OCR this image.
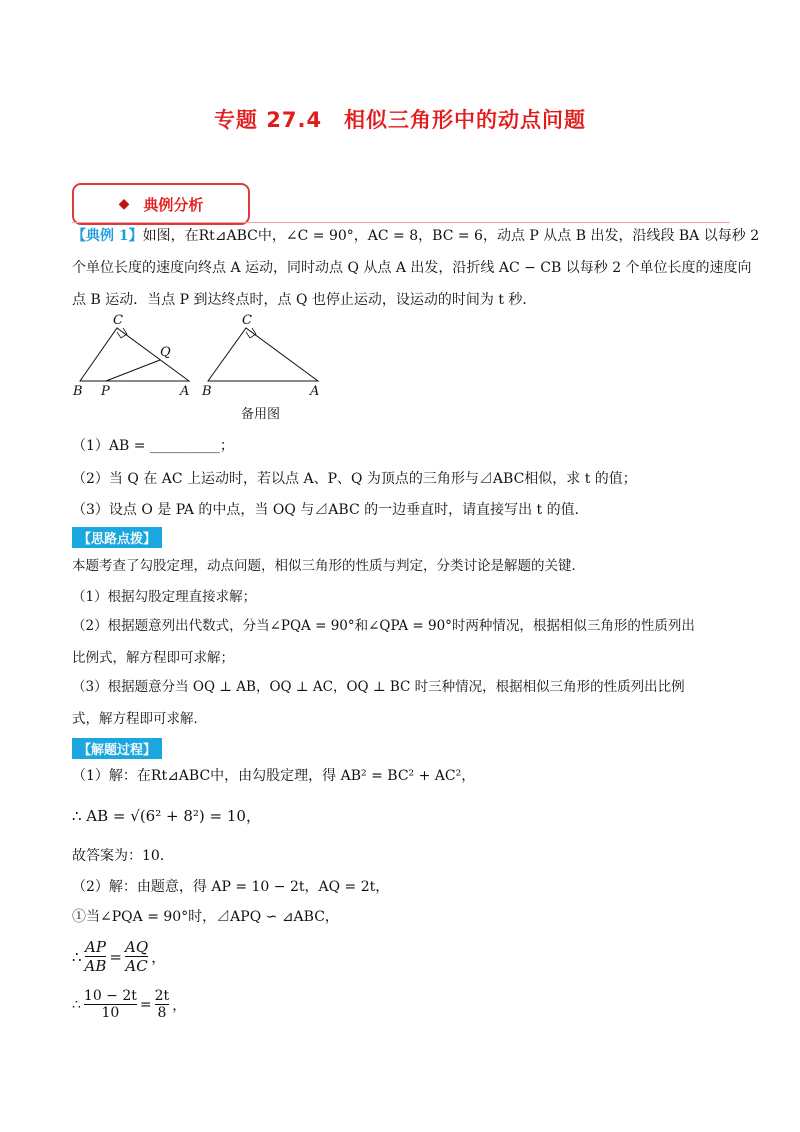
专题 27.4　相似三角形中的动点问题
◆ 典例分析
【典例 1】如图，在Rt⊿ABC中，∠C = 90°，AC = 8，BC = 6，动点 P 从点 B 出发，沿线段 BA 以每秒 2
个单位长度的速度向终点 A 运动，同时动点 Q 从点 A 出发，沿折线 AC − CB 以每秒 2 个单位长度的速度向
点 B 运动．当点 P 到达终点时，点 Q 也停止运动，设运动的时间为 t 秒．
C
Q
B P	A
C
B	A
备用图
（1）AB = __________；
（2）当 Q 在 AC 上运动时，若以点 A、P、Q 为顶点的三角形与⊿ABC相似，求 t 的值；
（3）设点 O 是 PA 的中点，当 OQ 与⊿ABC 的一边垂直时，请直接写出 t 的值．
【思路点拨】
本题考查了勾股定理，动点问题，相似三角形的性质与判定，分类讨论是解题的关键．
（1）根据勾股定理直接求解；
（2）根据题意列出代数式，分当∠PQA = 90°和∠QPA = 90°时两种情况，根据相似三角形的性质列出
比例式，解方程即可求解；
（3）根据题意分当 OQ ⊥ AB，OQ ⊥ AC，OQ ⊥ BC 时三种情况，根据相似三角形的性质列出比例
式，解方程即可求解．
【解题过程】
（1）解：在Rt⊿ABC中，由勾股定理，得 AB² = BC² + AC²，
∴ AB = √(6² + 8²) = 10，
故答案为：10．
（2）解：由题意，得 AP = 10 − 2t，AQ = 2t，
①当∠PQA = 90°时，⊿APQ ∽ ⊿ABC，
∴ $\frac{AP}{AB} = \frac{AQ}{AC}$ ，
∴ $\frac{10 - 2t}{10} = \frac{2t}{8}$ ，
